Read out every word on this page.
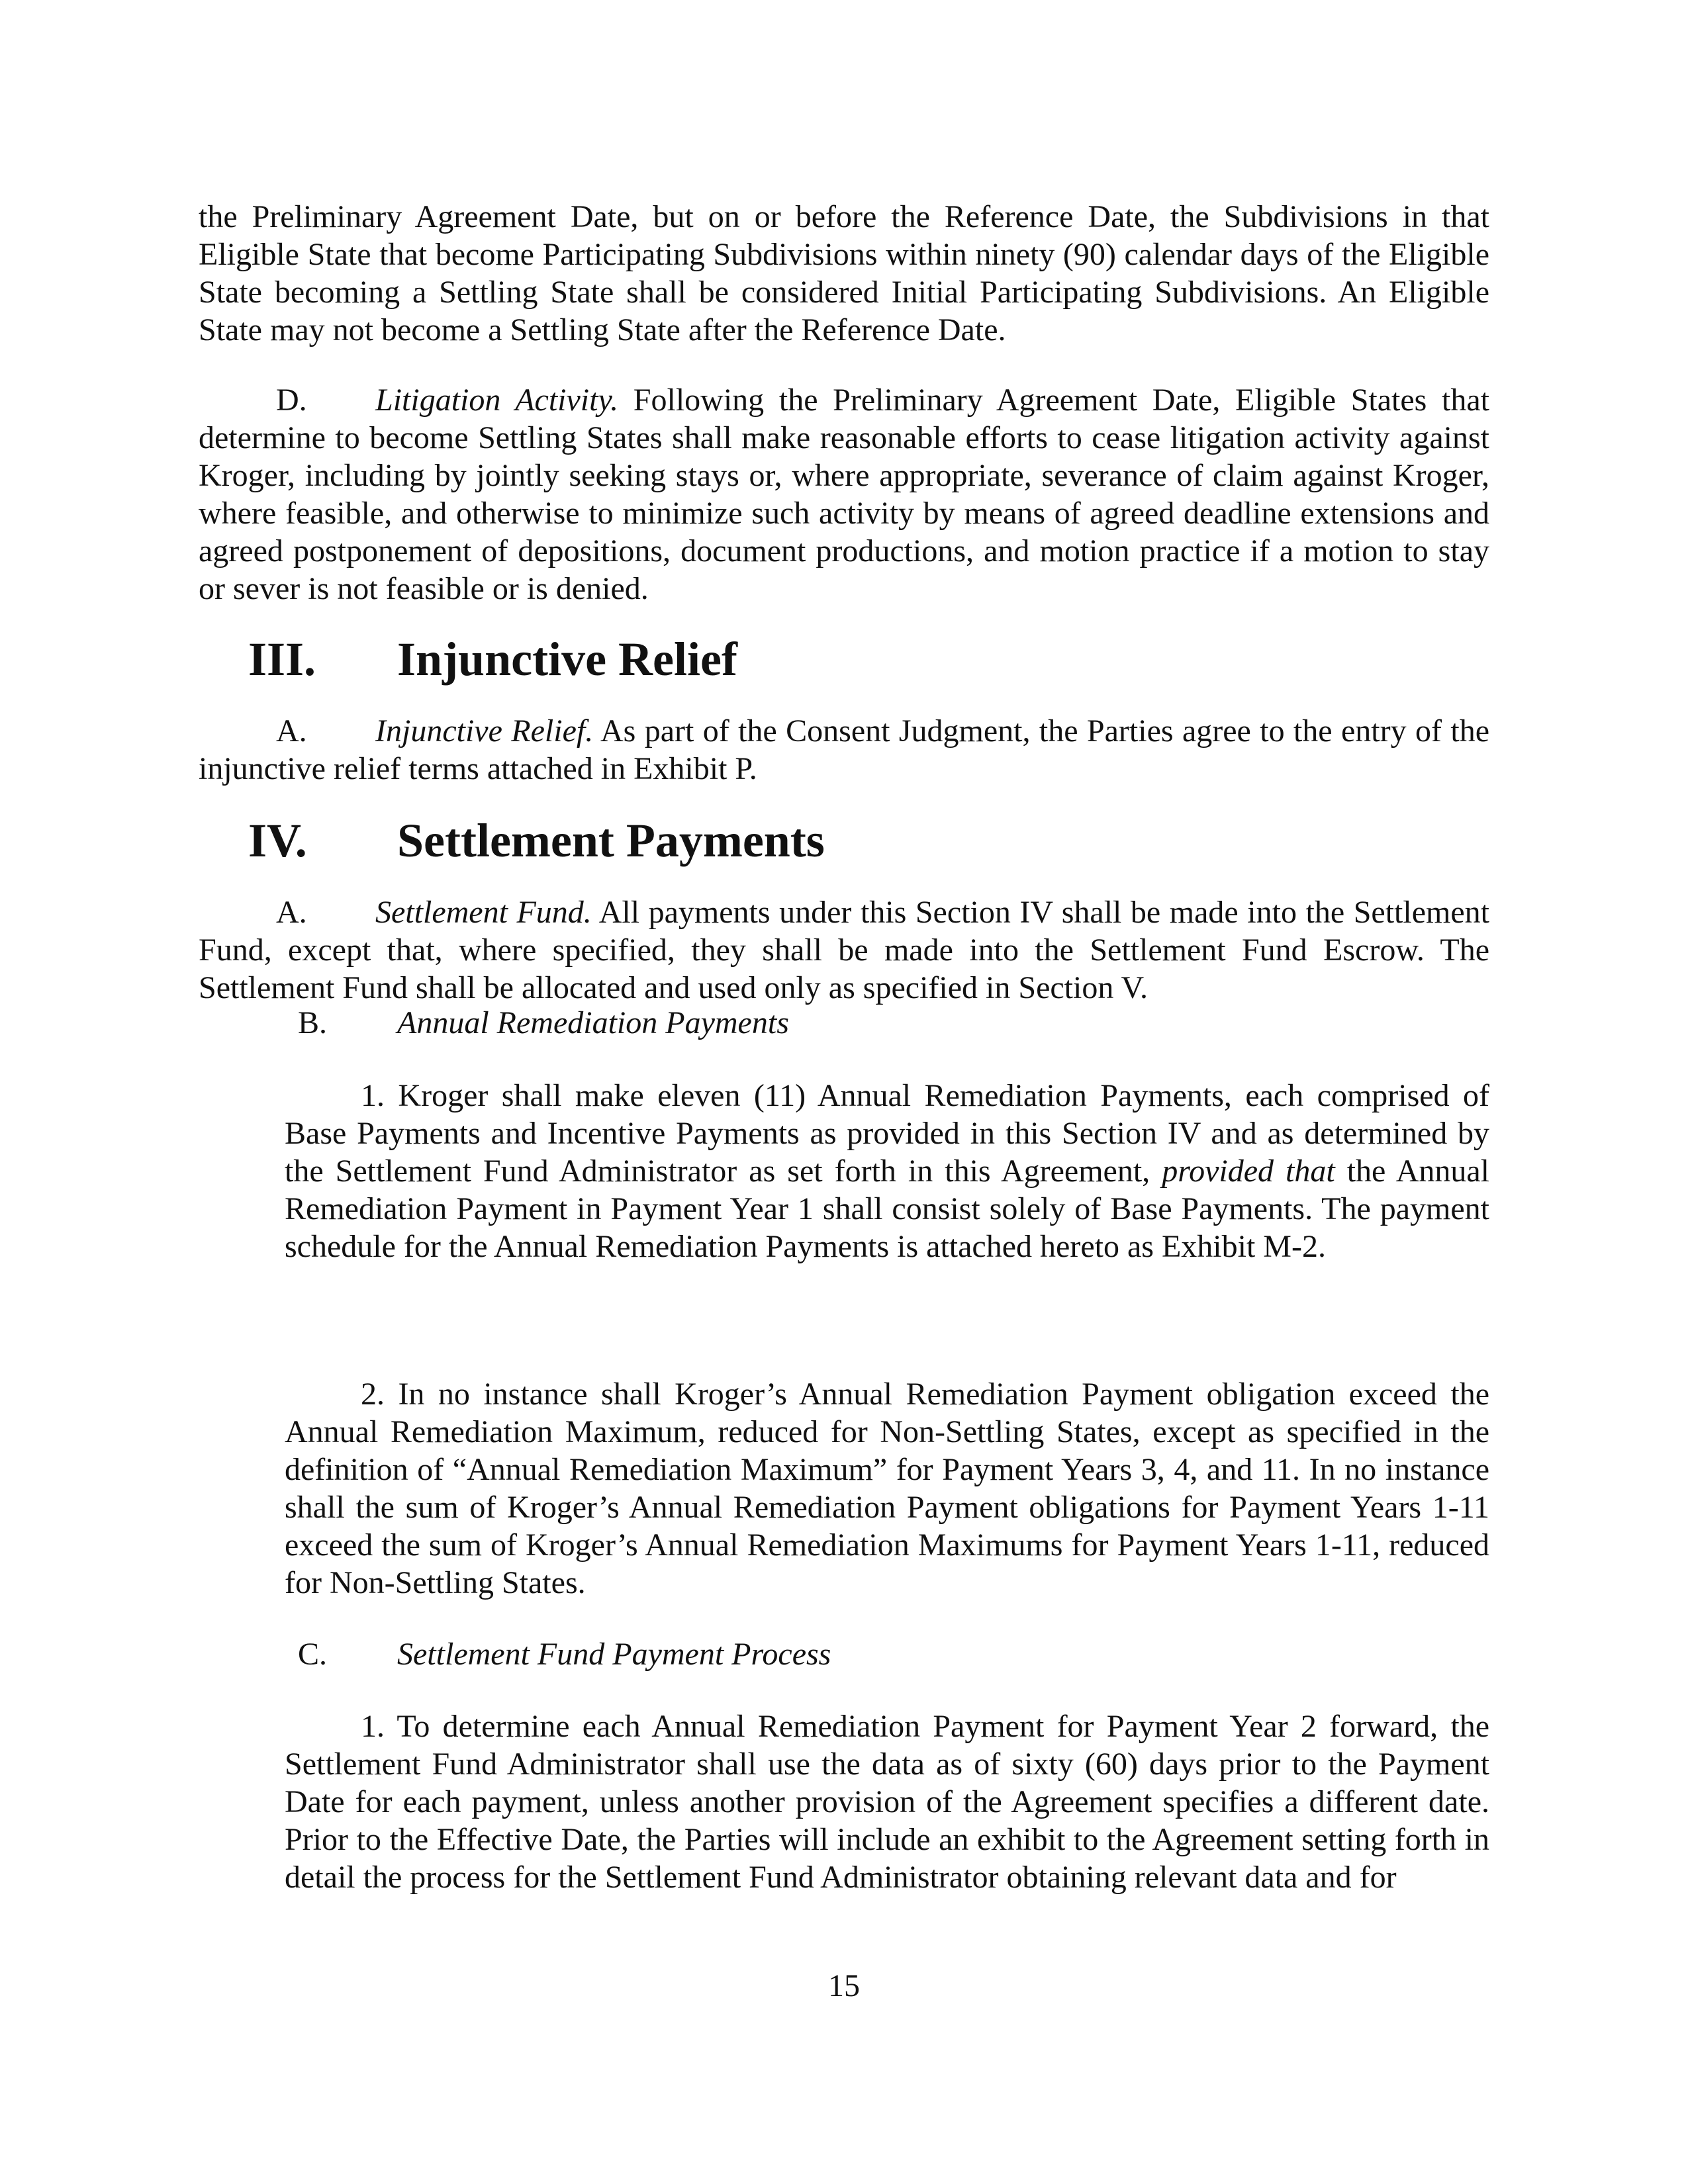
the Preliminary Agreement Date, but on or before the Reference Date, the Subdivisions in that Eligible State that become Participating Subdivisions within ninety (90) calendar days of the Eligible State becoming a Settling State shall be considered Initial Participating Subdivisions. An Eligible State may not become a Settling State after the Reference Date.

D. Litigation Activity. Following the Preliminary Agreement Date, Eligible States that determine to become Settling States shall make reasonable efforts to cease litigation activity against Kroger, including by jointly seeking stays or, where appropriate, severance of claim against Kroger, where feasible, and otherwise to minimize such activity by means of agreed deadline extensions and agreed postponement of depositions, document productions, and motion practice if a motion to stay or sever is not feasible or is denied.

III. Injunctive Relief

A. Injunctive Relief. As part of the Consent Judgment, the Parties agree to the entry of the injunctive relief terms attached in Exhibit P.

IV. Settlement Payments

A. Settlement Fund. All payments under this Section IV shall be made into the Settlement Fund, except that, where specified, they shall be made into the Settlement Fund Escrow. The Settlement Fund shall be allocated and used only as specified in Section V.

B. Annual Remediation Payments

1. Kroger shall make eleven (11) Annual Remediation Payments, each comprised of Base Payments and Incentive Payments as provided in this Section IV and as determined by the Settlement Fund Administrator as set forth in this Agreement, provided that the Annual Remediation Payment in Payment Year 1 shall consist solely of Base Payments. The payment schedule for the Annual Remediation Payments is attached hereto as Exhibit M-2.

2. In no instance shall Kroger’s Annual Remediation Payment obligation exceed the Annual Remediation Maximum, reduced for Non-Settling States, except as specified in the definition of “Annual Remediation Maximum” for Payment Years 3, 4, and 11. In no instance shall the sum of Kroger’s Annual Remediation Payment obligations for Payment Years 1-11 exceed the sum of Kroger’s Annual Remediation Maximums for Payment Years 1-11, reduced for Non-Settling States.

C. Settlement Fund Payment Process

1. To determine each Annual Remediation Payment for Payment Year 2 forward, the Settlement Fund Administrator shall use the data as of sixty (60) days prior to the Payment Date for each payment, unless another provision of the Agreement specifies a different date. Prior to the Effective Date, the Parties will include an exhibit to the Agreement setting forth in detail the process for the Settlement Fund Administrator obtaining relevant data and for

15
